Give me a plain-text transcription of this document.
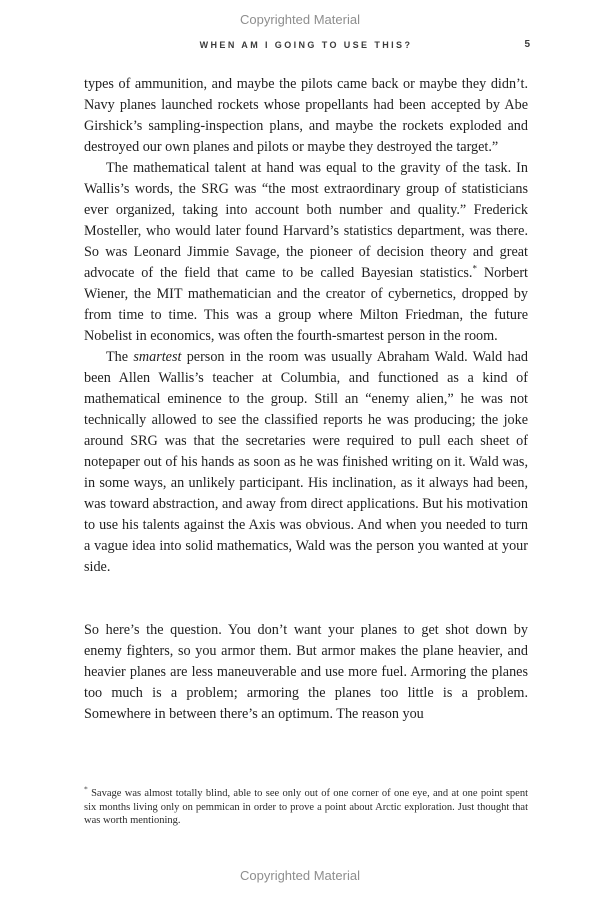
Copyrighted Material
WHEN AM I GOING TO USE THIS?	5

types of ammunition, and maybe the pilots came back or maybe they didn’t. Navy planes launched rockets whose propellants had been accepted by Abe Girshick’s sampling-inspection plans, and maybe the rockets exploded and destroyed our own planes and pilots or maybe they destroyed the target.”

The mathematical talent at hand was equal to the gravity of the task. In Wallis’s words, the SRG was “the most extraordinary group of statisticians ever organized, taking into account both number and quality.” Frederick Mosteller, who would later found Harvard’s statistics department, was there. So was Leonard Jimmie Savage, the pioneer of decision theory and great advocate of the field that came to be called Bayesian statistics.* Norbert Wiener, the MIT mathematician and the creator of cybernetics, dropped by from time to time. This was a group where Milton Friedman, the future Nobelist in economics, was often the fourth-smartest person in the room.

The smartest person in the room was usually Abraham Wald. Wald had been Allen Wallis’s teacher at Columbia, and functioned as a kind of mathematical eminence to the group. Still an “enemy alien,” he was not technically allowed to see the classified reports he was producing; the joke around SRG was that the secretaries were required to pull each sheet of notepaper out of his hands as soon as he was finished writing on it. Wald was, in some ways, an unlikely participant. His inclination, as it always had been, was toward abstraction, and away from direct applications. But his motivation to use his talents against the Axis was obvious. And when you needed to turn a vague idea into solid mathematics, Wald was the person you wanted at your side.

So here’s the question. You don’t want your planes to get shot down by enemy fighters, so you armor them. But armor makes the plane heavier, and heavier planes are less maneuverable and use more fuel. Armoring the planes too much is a problem; armoring the planes too little is a problem. Somewhere in between there’s an optimum. The reason you

* Savage was almost totally blind, able to see only out of one corner of one eye, and at one point spent six months living only on pemmican in order to prove a point about Arctic exploration. Just thought that was worth mentioning.

Copyrighted Material
